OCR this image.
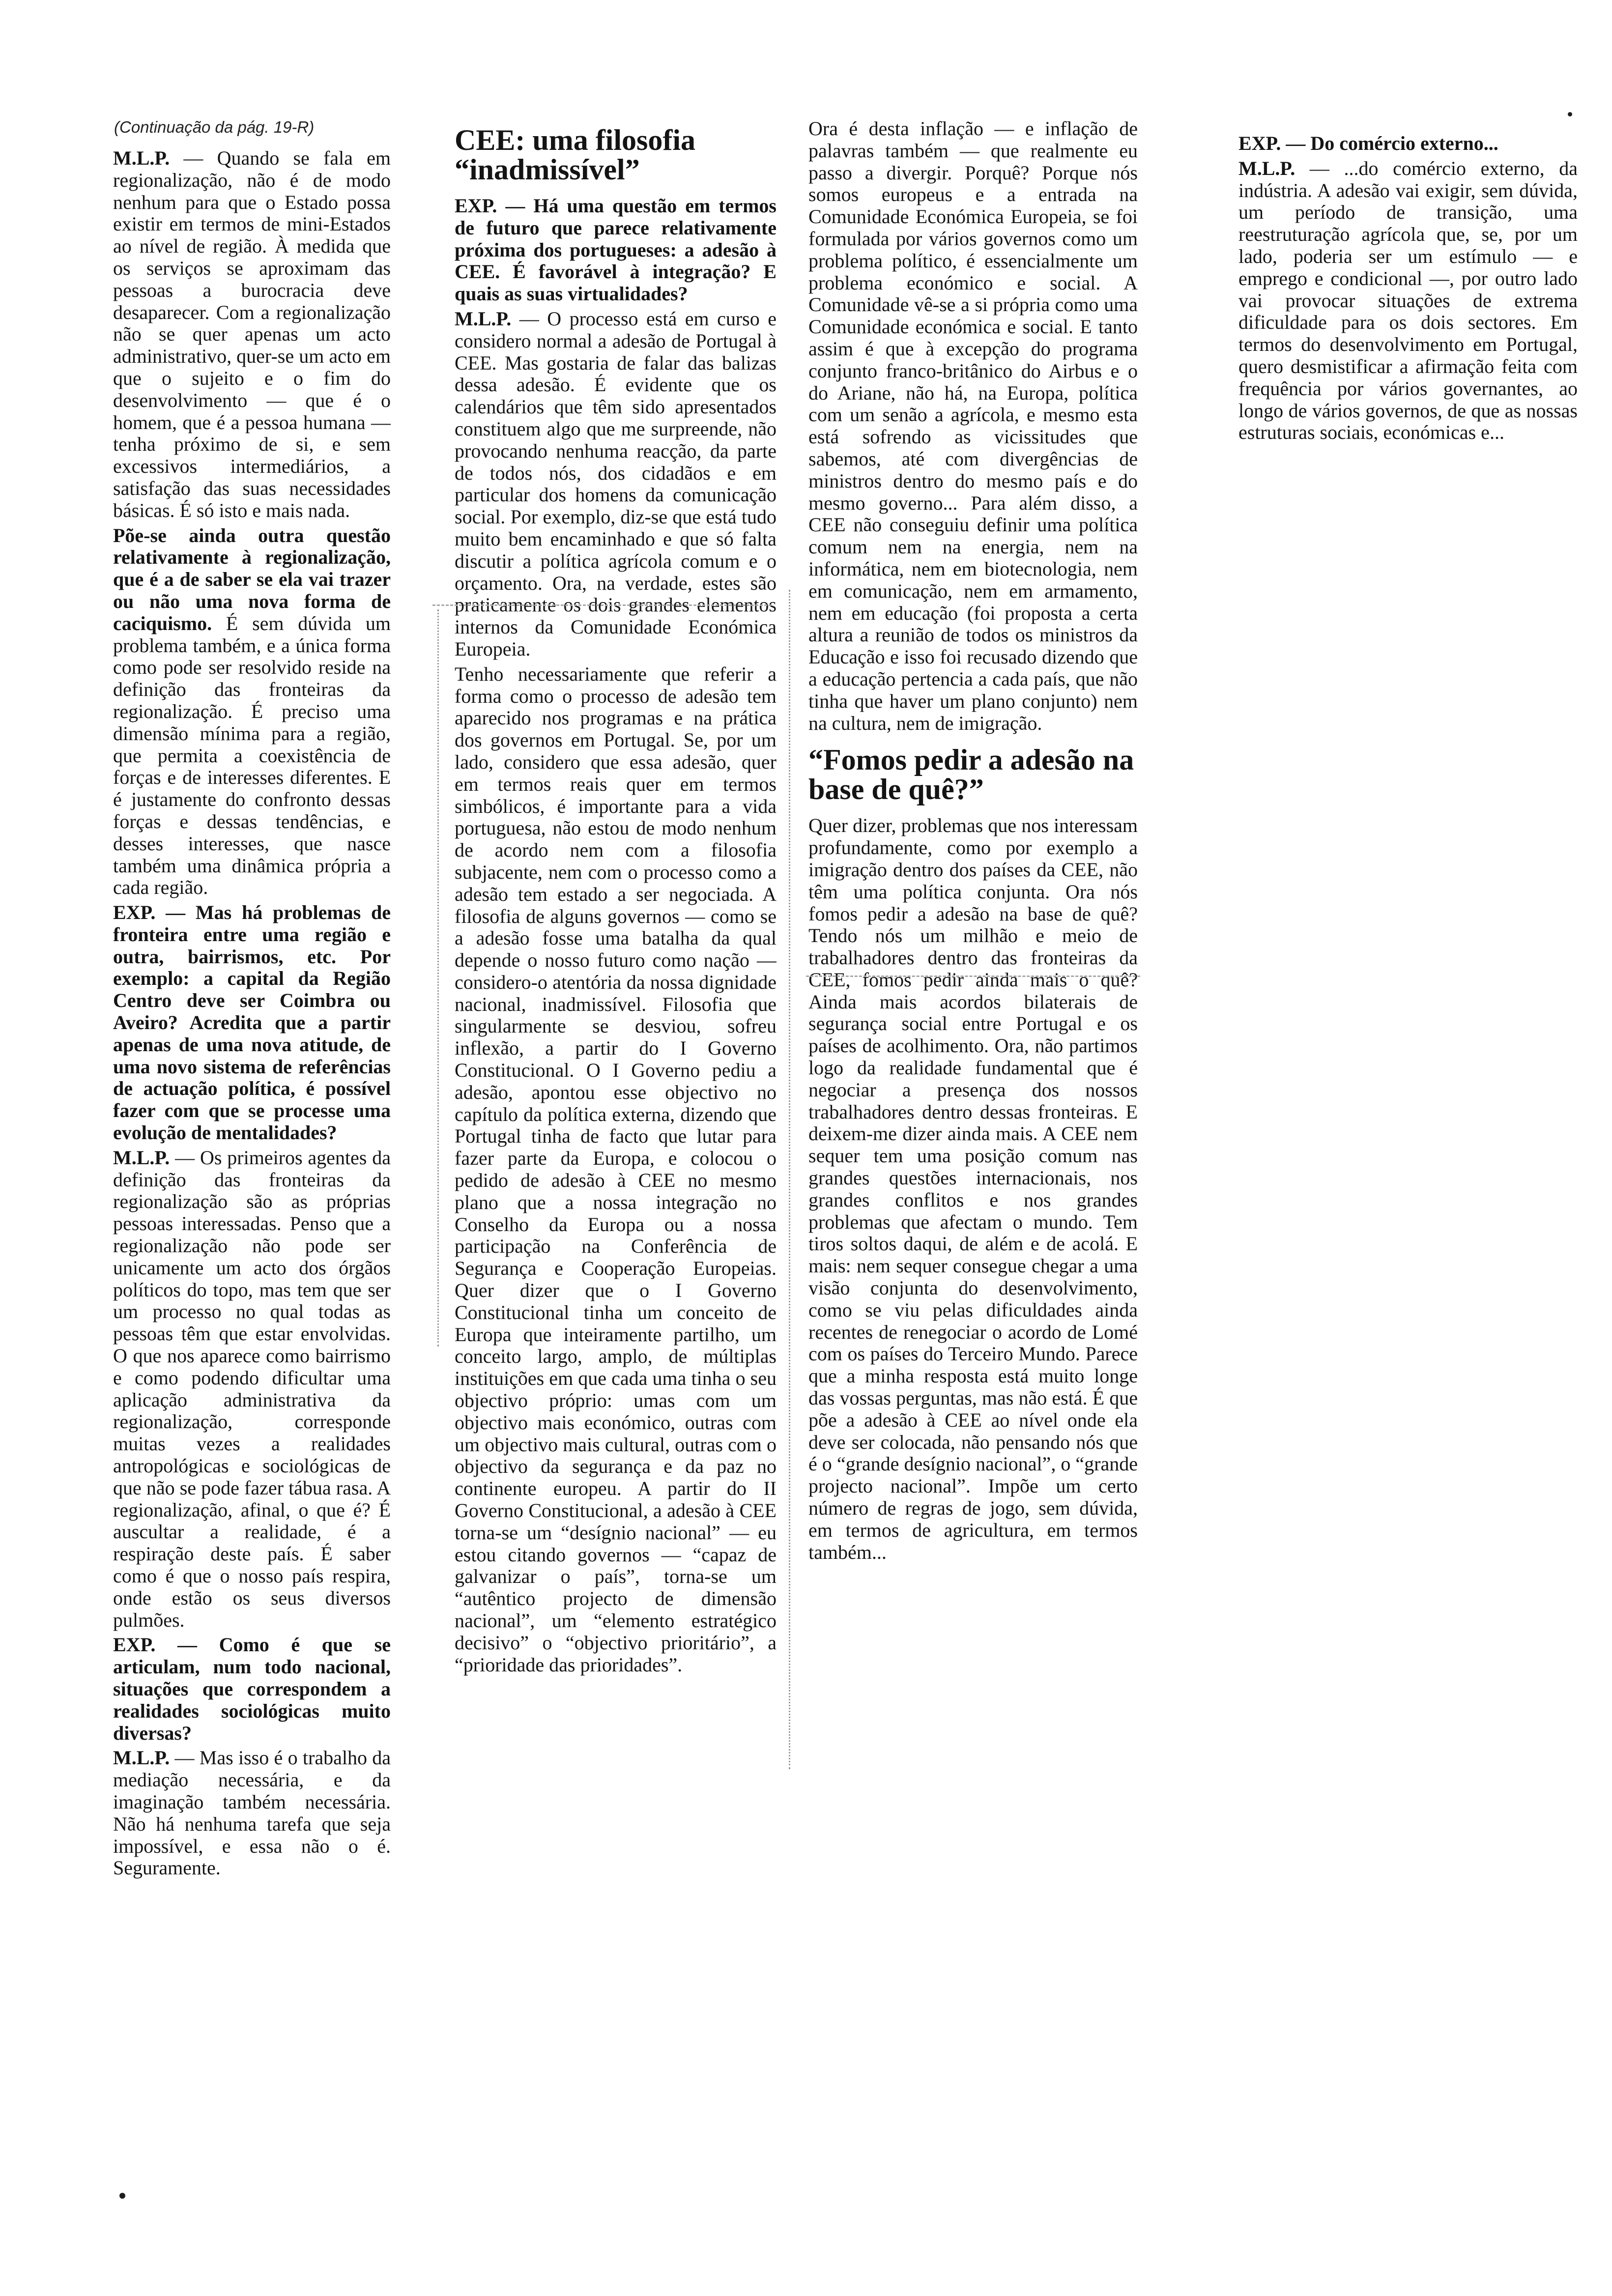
(Continuação da pág. 19-R)

M.L.P. — Quando se fala em regionalização, não é de modo nenhum para que o Estado possa existir em termos de mini-Estados ao nível de região. À medida que os serviços se aproximam das pessoas a burocracia deve desaparecer. Com a regionalização não se quer apenas um acto administrativo, quer-se um acto em que o sujeito e o fim do desenvolvimento — que é o homem, que é a pessoa humana — tenha próximo de si, e sem excessivos intermediários, a satisfação das suas necessidades básicas. É só isto e mais nada.

Põe-se ainda outra questão relativamente à regionalização, que é a de saber se ela vai trazer ou não uma nova forma de caciquismo. É sem dúvida um problema também, e a única forma como pode ser resolvido reside na definição das fronteiras da regionalização. É preciso uma dimensão mínima para a região, que permita a coexistência de forças e de interesses diferentes. E é justamente do confronto dessas forças e dessas tendências, e desses interesses, que nasce também uma dinâmica própria a cada região.

EXP. — Mas há problemas de fronteira entre uma região e outra, bairrismos, etc. Por exemplo: a capital da Região Centro deve ser Coimbra ou Aveiro? Acredita que a partir apenas de uma nova atitude, de uma novo sistema de referências de actuação política, é possível fazer com que se processe uma evolução de mentalidades?

M.L.P. — Os primeiros agentes da definição das fronteiras da regionalização são as próprias pessoas interessadas. Penso que a regionalização não pode ser unicamente um acto dos órgãos políticos do topo, mas tem que ser um processo no qual todas as pessoas têm que estar envolvidas. O que nos aparece como bairrismo e como podendo dificultar uma aplicação administrativa da regionalização, corresponde muitas vezes a realidades antropológicas e sociológicas de que não se pode fazer tábua rasa. A regionalização, afinal, o que é? É auscultar a realidade, é a respiração deste país. É saber como é que o nosso país respira, onde estão os seus diversos pulmões.

EXP. — Como é que se articulam, num todo nacional, situações que correspondem a realidades sociológicas muito diversas?

M.L.P. — Mas isso é o trabalho da mediação necessária, e da imaginação também necessária. Não há nenhuma tarefa que seja impossível, e essa não o é. Seguramente.

CEE: uma filosofia “inadmissível”

EXP. — Há uma questão em termos de futuro que parece relativamente próxima dos portugueses: a adesão à CEE. É favorável à integração? E quais as suas virtualidades?

M.L.P. — O processo está em curso e considero normal a adesão de Portugal à CEE. Mas gostaria de falar das balizas dessa adesão. É evidente que os calendários que têm sido apresentados constituem algo que me surpreende, não provocando nenhuma reacção, da parte de todos nós, dos cidadãos e em particular dos homens da comunicação social. Por exemplo, diz-se que está tudo muito bem encaminhado e que só falta discutir a política agrícola comum e o orçamento. Ora, na verdade, estes são praticamente os dois grandes elementos internos da Comunidade Económica Europeia.

Tenho necessariamente que referir a forma como o processo de adesão tem aparecido nos programas e na prática dos governos em Portugal. Se, por um lado, considero que essa adesão, quer em termos reais quer em termos simbólicos, é importante para a vida portuguesa, não estou de modo nenhum de acordo nem com a filosofia subjacente, nem com o processo como a adesão tem estado a ser negociada. A filosofia de alguns governos — como se a adesão fosse uma batalha da qual depende o nosso futuro como nação — considero-o atentória da nossa dignidade nacional, inadmissível. Filosofia que singularmente se desviou, sofreu inflexão, a partir do I Governo Constitucional. O I Governo pediu a adesão, apontou esse objectivo no capítulo da política externa, dizendo que Portugal tinha de facto que lutar para fazer parte da Europa, e colocou o pedido de adesão à CEE no mesmo plano que a nossa integração no Conselho da Europa ou a nossa participação na Conferência de Segurança e Cooperação Europeias. Quer dizer que o I Governo Constitucional tinha um conceito de Europa que inteiramente partilho, um conceito largo, amplo, de múltiplas instituições em que cada uma tinha o seu objectivo próprio: umas com um objectivo mais económico, outras com um objectivo mais cultural, outras com o objectivo da segurança e da paz no continente europeu. A partir do II Governo Constitucional, a adesão à CEE torna-se um “desígnio nacional” — eu estou citando governos — “capaz de galvanizar o país”, torna-se um “autêntico projecto de dimensão nacional”, um “elemento estratégico decisivo” o “objectivo prioritário”, a “prioridade das prioridades”.

Ora é desta inflação — e inflação de palavras também — que realmente eu passo a divergir. Porquê? Porque nós somos europeus e a entrada na Comunidade Económica Europeia, se foi formulada por vários governos como um problema político, é essencialmente um problema económico e social. A Comunidade vê-se a si própria como uma Comunidade económica e social. E tanto assim é que à excepção do programa conjunto franco-britânico do Airbus e o do Ariane, não há, na Europa, política com um senão a agrícola, e mesmo esta está sofrendo as vicissitudes que sabemos, até com divergências de ministros dentro do mesmo país e do mesmo governo... Para além disso, a CEE não conseguiu definir uma política comum nem na energia, nem na informática, nem em biotecnologia, nem em comunicação, nem em armamento, nem em educação (foi proposta a certa altura a reunião de todos os ministros da Educação e isso foi recusado dizendo que a educação pertencia a cada país, que não tinha que haver um plano conjunto) nem na cultura, nem de imigração.

“Fomos pedir a adesão na base de quê?”

Quer dizer, problemas que nos interessam profundamente, como por exemplo a imigração dentro dos países da CEE, não têm uma política conjunta. Ora nós fomos pedir a adesão na base de quê? Tendo nós um milhão e meio de trabalhadores dentro das fronteiras da CEE, fomos pedir ainda mais o quê? Ainda mais acordos bilaterais de segurança social entre Portugal e os países de acolhimento. Ora, não partimos logo da realidade fundamental que é negociar a presença dos nossos trabalhadores dentro dessas fronteiras. E deixem-me dizer ainda mais. A CEE nem sequer tem uma posição comum nas grandes questões internacionais, nos grandes conflitos e nos grandes problemas que afectam o mundo. Tem tiros soltos daqui, de além e de acolá. E mais: nem sequer consegue chegar a uma visão conjunta do desenvolvimento, como se viu pelas dificuldades ainda recentes de renegociar o acordo de Lomé com os países do Terceiro Mundo. Parece que a minha resposta está muito longe das vossas perguntas, mas não está. É que põe a adesão à CEE ao nível onde ela deve ser colocada, não pensando nós que é o “grande desígnio nacional”, o “grande projecto nacional”. Impõe um certo número de regras de jogo, sem dúvida, em termos de agricultura, em termos também...

EXP. — Do comércio externo...

M.L.P. — ...do comércio externo, da indústria. A adesão vai exigir, sem dúvida, um período de transição, uma reestruturação agrícola que, se, por um lado, poderia ser um estímulo — e emprego e condicional —, por outro lado vai provocar situações de extrema dificuldade para os dois sectores. Em termos do desenvolvimento em Portugal, quero desmistificar a afirmação feita com frequência por vários governantes, ao longo de vários governos, de que as nossas estruturas sociais, económicas e...
